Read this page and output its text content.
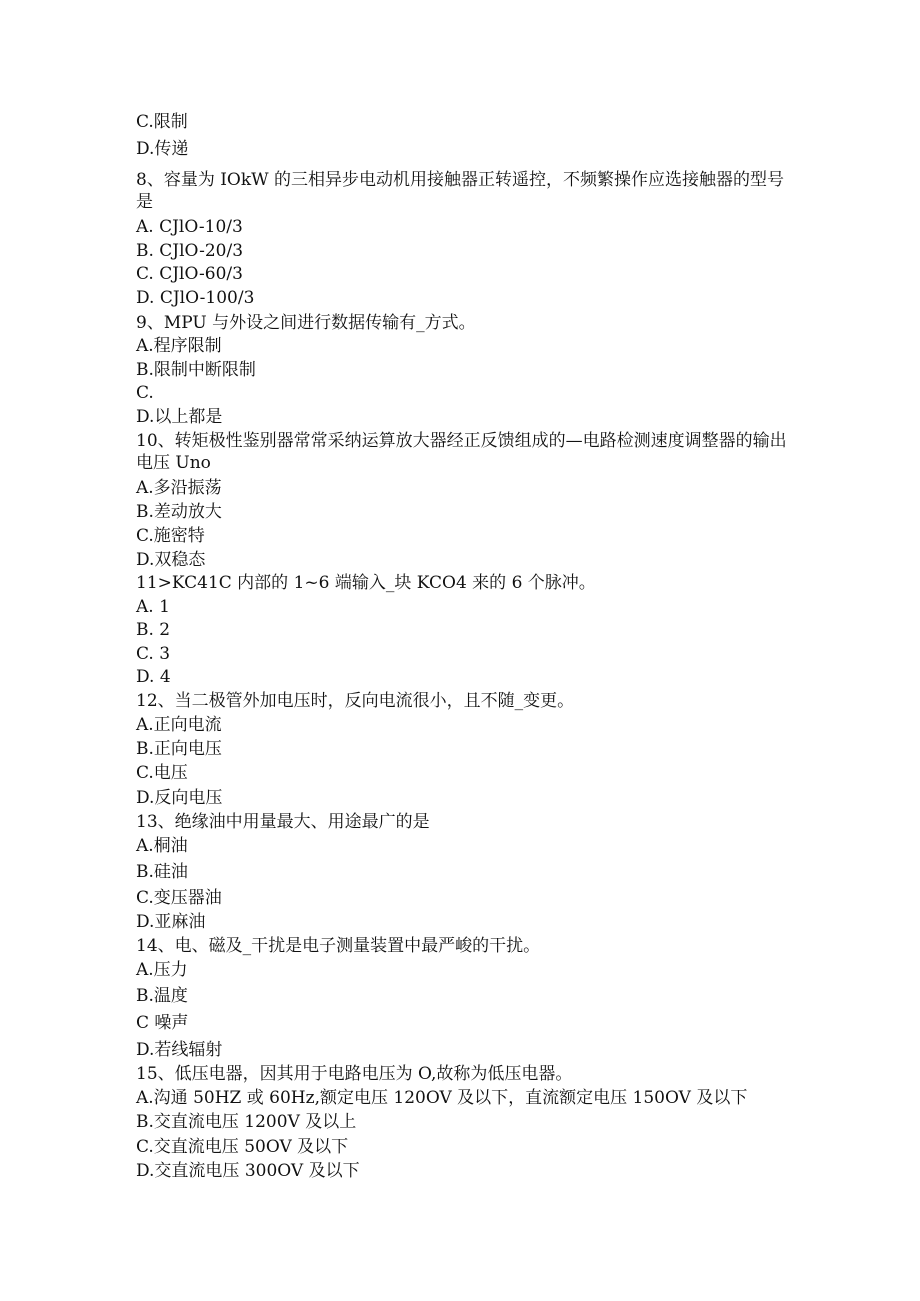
C.限制
D.传递
8、容量为 IOkW 的三相异步电动机用接触器正转遥控，不频繁操作应选接触器的型号是
A. CJlO-10/3
B. CJlO-20/3
C. CJlO-60/3
D. CJlO-100/3
9、MPU 与外设之间进行数据传输有_方式。
A.程序限制
B.限制中断限制
C.
D.以上都是
10、转矩极性鉴别器常常采纳运算放大器经正反馈组成的—电路检测速度调整器的输出电压 Uno
A.多沿振荡
B.差动放大
C.施密特
D.双稳态
11>KC41C 内部的 1~6 端输入_块 KCO4 来的 6 个脉冲。
A. 1
B. 2
C. 3
D. 4
12、当二极管外加电压时，反向电流很小，且不随_变更。
A.正向电流
B.正向电压
C.电压
D.反向电压
13、绝缘油中用量最大、用途最广的是
A.桐油
B.硅油
C.变压器油
D.亚麻油
14、电、磁及_干扰是电子测量装置中最严峻的干扰。
A.压力
B.温度
C 噪声
D.若线辐射
15、低压电器，因其用于电路电压为 O,故称为低压电器。
A.沟通 50HZ 或 60Hz,额定电压 120OV 及以下，直流额定电压 150OV 及以下
B.交直流电压 1200V 及以上
C.交直流电压 50OV 及以下
D.交直流电压 300OV 及以下
